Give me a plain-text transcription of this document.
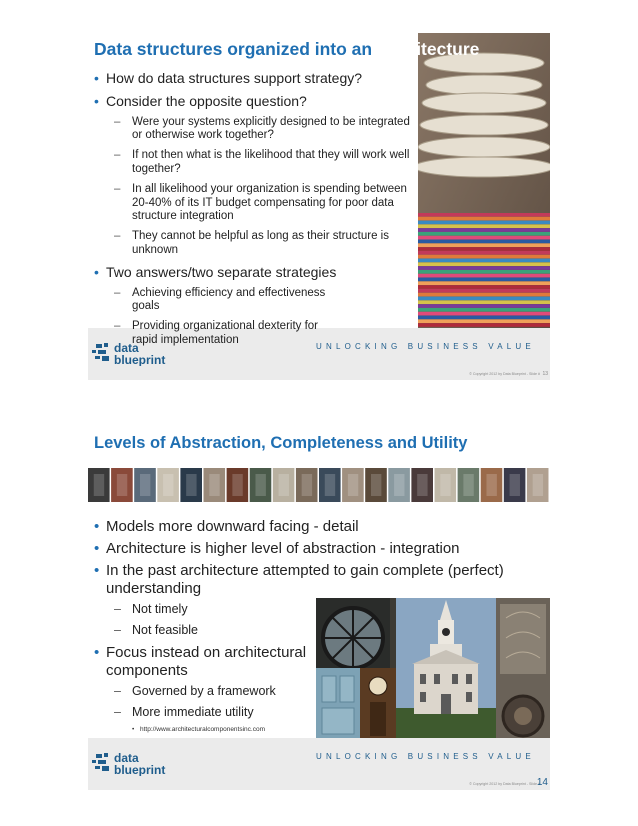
Data structures organized into an Architecture
• How do data structures support strategy?
• Consider the opposite question?
–	Were your systems explicitly designed to be integrated or otherwise work together?
–	If not then what is the likelihood that they will work well together?
–	In all likelihood your organization is spending between 20-40% of its IT budget compensating for poor data structure integration
–	They cannot be helpful as long as their structure is unknown
• Two answers/two separate strategies
–	Achieving efficiency and effectiveness goals
–	Providing organizational dexterity for rapid implementation
data
blueprint
UNLOCKING BUSINESS VALUE
© Copyright 2012 by Data Blueprint - Slide # 13
Levels of Abstraction, Completeness and Utility
• Models more downward facing - detail
• Architecture is higher level of abstraction - integration
• In the past architecture attempted to gain complete (perfect) understanding
– Not timely
– Not feasible
• Focus instead on architectural components
– Governed by a framework
– More immediate utility
• http://www.architecturalcomponentsinc.com
data
blueprint
UNLOCKING BUSINESS VALUE
© Copyright 2012 by Data Blueprint - Slide #
14
